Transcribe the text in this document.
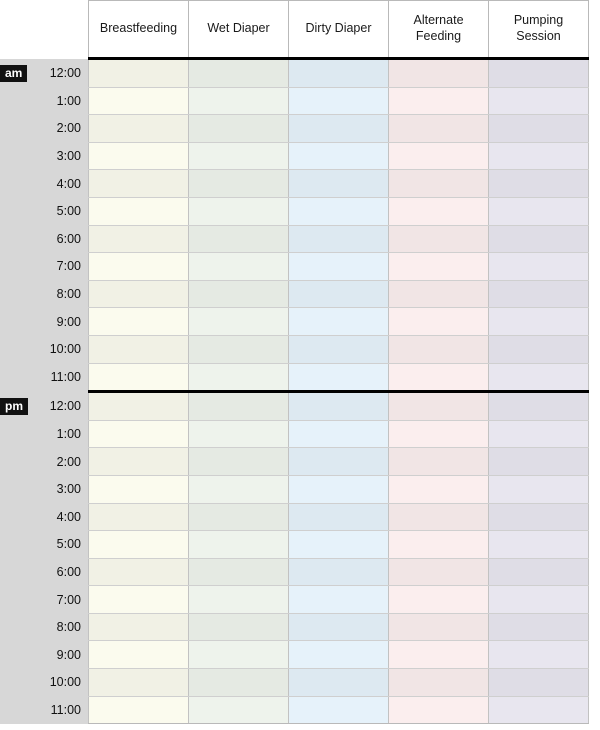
		Breastfeeding	Wet Diaper	Dirty Diaper	Alternate Feeding	Pumping Session
am	12:00					
	1:00					
	2:00					
	3:00					
	4:00					
	5:00					
	6:00					
	7:00					
	8:00					
	9:00					
	10:00					
	11:00					
pm	12:00					
	1:00					
	2:00					
	3:00					
	4:00					
	5:00					
	6:00					
	7:00					
	8:00					
	9:00					
	10:00					
	11:00					
